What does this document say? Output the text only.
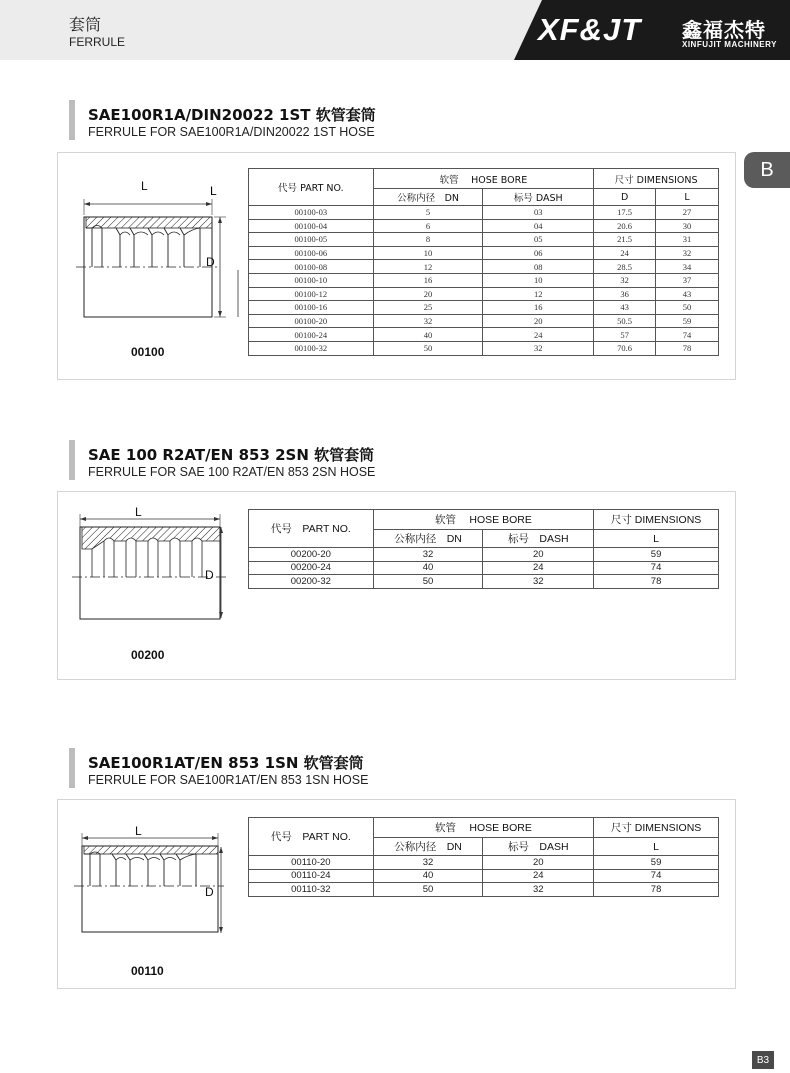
套筒
FERRULE	XF&JT 鑫福杰特
XINFUJIT MACHINERY
B
SAE100R1A/DIN20022 1ST 软管套筒
FERRULE FOR SAE100R1A/DIN20022 1ST HOSE
L
L
D
00100
代号 PART NO.	软管　 HOSE BORE		尺寸 DIMENSIONS	
	公称内径　DN	标号 DASH	D	L
00100-03	5	03	17.5	27
00100-04	6	04	20.6	30
00100-05	8	05	21.5	31
00100-06	10	06	24	32
00100-08	12	08	28.5	34
00100-10	16	10	32	37
00100-12	20	12	36	43
00100-16	25	16	43	50
00100-20	32	20	50.5	59
00100-24	40	24	57	74
00100-32	50	32	70.6	78
SAE 100 R2AT/EN 853 2SN 软管套筒
FERRULE FOR SAE 100 R2AT/EN 853 2SN HOSE
L
D
00200
代号　PART NO.	软管　 HOSE BORE		尺寸 DIMENSIONS
	公称内径　DN	标号　DASH	L
00200-20	32	20	59
00200-24	40	24	74
00200-32	50	32	78
SAE100R1AT/EN 853 1SN 软管套筒
FERRULE FOR SAE100R1AT/EN 853 1SN HOSE
L
D
00110
代号　PART NO.	软管　 HOSE BORE		尺寸 DIMENSIONS
	公称内径　DN	标号　DASH	L
00110-20	32	20	59
00110-24	40	24	74
00110-32	50	32	78
B3
